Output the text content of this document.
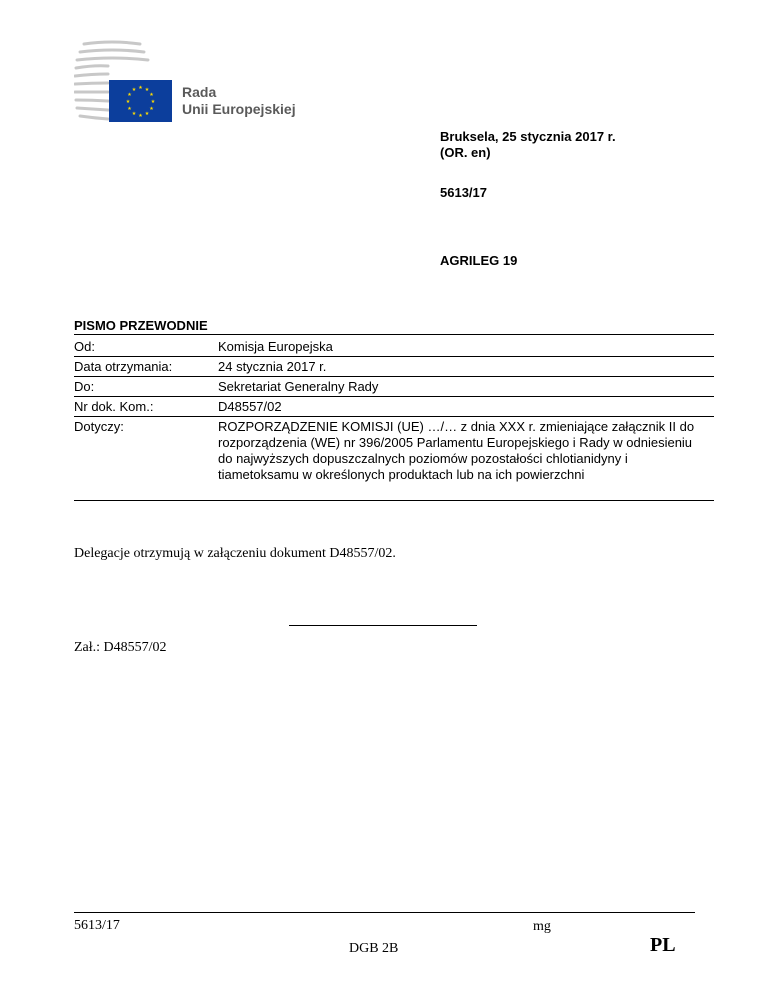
★ ★
★
★
★
★
★
★
★
★
★
★	Rada
Unii Europejskiej
Bruksela, 25 stycznia 2017 r.
(OR. en)
5613/17
AGRILEG 19
PISMO PRZEWODNIE
Od:	Komisja Europejska
Data otrzymania:	24 stycznia 2017 r.
Do:	Sekretariat Generalny Rady
Nr dok. Kom.:	D48557/02
Dotyczy:	ROZPORZĄDZENIE KOMISJI (UE) …/… z dnia XXX r. zmieniające załącznik II do rozporządzenia (WE) nr 396/2005 Parlamentu Europejskiego i Rady w odniesieniu do najwyższych dopuszczalnych poziomów pozostałości chlotianidyny i tiametoksamu w określonych produktach lub na ich powierzchni
Delegacje otrzymują w załączeniu dokument D48557/02.
Zał.: D48557/02
5613/17	mg
DGB 2B	PL
